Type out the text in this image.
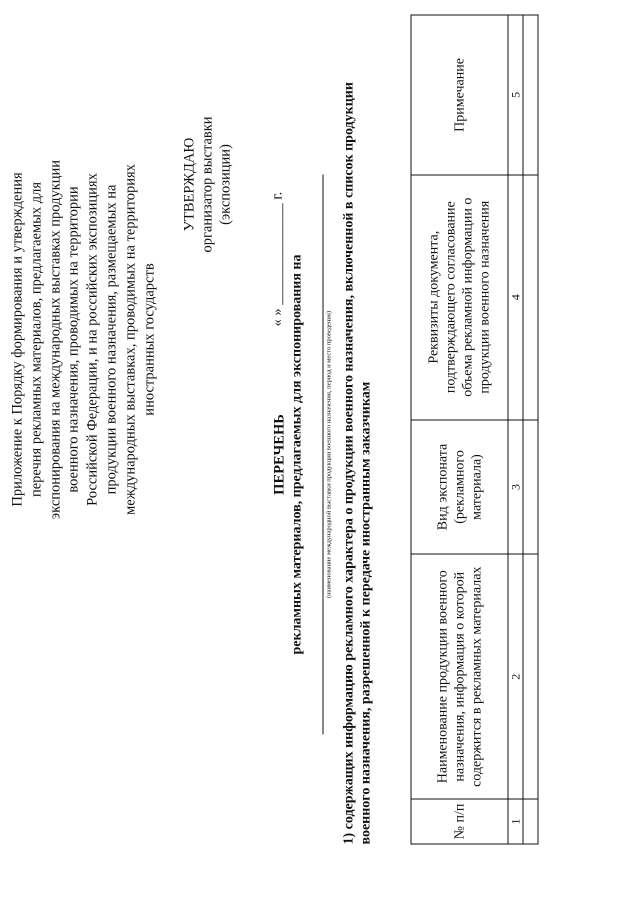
Приложение к Порядку формирования и утверждения перечня рекламных материалов, предлагаемых для экспонирования на международных выставках продукции военного назначения, проводимых на территории Российской Федерации, и на российских экспозициях продукции военного назначения, размещаемых на международных выставках, проводимых на территориях иностранных государств
УТВЕРЖДАЮ организатор выставки (экспозиции)
« » ______________ г.
ПЕРЕЧЕНЬ рекламных материалов, предлагаемых для экспонирования на	(наименование международной выставки продукции военного назначения, период и место проведения) 1) содержащих информацию рекламного характера о продукции военного назначения, включенной в список продукции военного назначения, разрешенной к передаче иностранным заказчикам	№ п/п	Наименование продукции военного назначения, информация о которой содержится в рекламных материалах	Вид экспоната (рекламного материала)	Реквизиты документа, подтверждающего согласование объема рекламной информации о продукции военного назначения	Примечание
1	2	3	4	5
